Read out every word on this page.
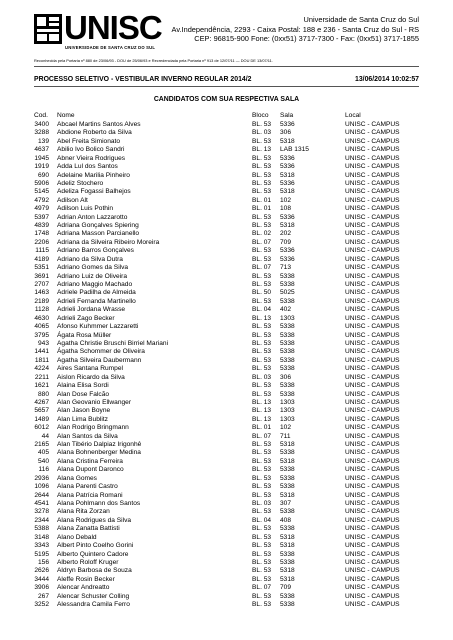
UNISC
UNIVERSIDADE DE SANTA CRUZ DO SUL
Universidade de Santa Cruz do Sul
Av.Independência, 2293 - Caixa Postal: 188 e 236 - Santa Cruz do Sul - RS
CEP: 96815-900 Fone: (0xx51) 3717-7300 - Fax: (0xx51) 3717-1855
Reconhecida pela Portaria nº 880 de 23/06/93 - DOU de 25/06/93 e Recredenciada pela Portaria nº 913 de 12/07/11 — DOU DE 13/07/11.
PROCESSO SELETIVO - VESTIBULAR INVERNO REGULAR 2014/2	13/06/2014 10:02:57
CANDIDATOS COM SUA RESPECTIVA SALA
Cod. Nome	Bloco Sala	Local
3400 Abcael Martins Santos Alves	BL. 53 5336	UNISC - CAMPUS
3288 Abdione Roberto da Silva	BL. 03 306	UNISC - CAMPUS
139 Abel Freita Simionato	BL. 53 5318	UNISC - CAMPUS
4637 Abilio Ivo Bolico Sandri	BL. 13 LAB 1315	UNISC - CAMPUS
1945 Abner Vieira Rodrigues	BL. 53 5336	UNISC - CAMPUS
1919 Adda Lul dos Santos	BL. 53 5336	UNISC - CAMPUS
690 Adelaine Marilia Pinheiro	BL. 53 5318	UNISC - CAMPUS
5906 Adeliz Stochero	BL. 53 5336	UNISC - CAMPUS
5145 Adeliza Fogassi Balhejos	BL. 53 5318	UNISC - CAMPUS
4792 Adilson Alt	BL. 01 102	UNISC - CAMPUS
4979 Adilson Luis Pothin	BL. 01 108	UNISC - CAMPUS
5397 Adrian Anton Lazzarotto	BL. 53 5336	UNISC - CAMPUS
4839 Adriana Gonçalves Spiering	BL. 53 5318	UNISC - CAMPUS
1748 Adriana Masson Parcianello	BL. 02 202	UNISC - CAMPUS
2206 Adriana da Silveira Ribeiro Moreira	BL. 07 709	UNISC - CAMPUS
1115 Adriano Barros Gonçalves	BL. 53 5336	UNISC - CAMPUS
4189 Adriano da Silva Dutra	BL. 53 5336	UNISC - CAMPUS
5351 Adriano Gomes da Silva	BL. 07 713	UNISC - CAMPUS
3691 Adriano Luiz de Oliveira	BL. 53 5338	UNISC - CAMPUS
2707 Adriano Maggio Machado	BL. 53 5338	UNISC - CAMPUS
1463 Adriele Padilha de Almeida	BL. 50 5025	UNISC - CAMPUS
2189 Adrieli Fernanda Martinello	BL. 53 5338	UNISC - CAMPUS
1128 Adrieli Jordana Wrasse	BL. 04 402	UNISC - CAMPUS
4630 Adrieli Zago Becker	BL. 13 1303	UNISC - CAMPUS
4065 Afonso Kuhmmer Lazzaretti	BL. 53 5338	UNISC - CAMPUS
3795 Ágata Rosa Müller	BL. 53 5338	UNISC - CAMPUS
943 Agatha Christie Bruschi Birriel Mariani	BL. 53 5338	UNISC - CAMPUS
1441 Ágatha Schommer de Oliveira	BL. 53 5338	UNISC - CAMPUS
1811 Agatha Silveira Daubermann	BL. 53 5338	UNISC - CAMPUS
4224 Aires Santana Rumpel	BL. 53 5338	UNISC - CAMPUS
2211 Aislon Ricardo da Silva	BL. 03 306	UNISC - CAMPUS
1621 Alaina Elisa Sordi	BL. 53 5338	UNISC - CAMPUS
880 Alan Dose Falcão	BL. 53 5338	UNISC - CAMPUS
4267 Alan Geovanio Ellwanger	BL. 13 1303	UNISC - CAMPUS
5657 Alan Jason Boyne	BL. 13 1303	UNISC - CAMPUS
1489 Alan Lima Bublitz	BL. 13 1303	UNISC - CAMPUS
6012 Alan Rodrigo Bringmann	BL. 01 102	UNISC - CAMPUS
44 Alan Santos da Silva	BL. 07 711	UNISC - CAMPUS
2165 Alan Tibério Dalpiaz Irigonhê	BL. 53 5318	UNISC - CAMPUS
405 Alana Bohnenberger Medina	BL. 53 5338	UNISC - CAMPUS
540 Alana Cristina Ferreira	BL. 53 5318	UNISC - CAMPUS
116 Alana Dupont Daronco	BL. 53 5338	UNISC - CAMPUS
2936 Alana Gomes	BL. 53 5338	UNISC - CAMPUS
1096 Alana Parenti Castro	BL. 53 5338	UNISC - CAMPUS
2644 Alana Patrícia Romani	BL. 53 5318	UNISC - CAMPUS
4541 Alana Pohlmann dos Santos	BL. 03 307	UNISC - CAMPUS
3278 Alana Rita Zorzan	BL. 53 5338	UNISC - CAMPUS
2344 Alana Rodrigues da Silva	BL. 04 408	UNISC - CAMPUS
5388 Alana Zanatta Battisti	BL. 53 5338	UNISC - CAMPUS
3148 Alano Debald	BL. 53 5318	UNISC - CAMPUS
3343 Albert Pinto Coelho Gorini	BL. 53 5318	UNISC - CAMPUS
5195 Alberto Quintero Cadore	BL. 53 5338	UNISC - CAMPUS
156 Alberto Roloff Kruger	BL. 53 5338	UNISC - CAMPUS
2626 Aldryn Barbosa de Souza	BL. 53 5318	UNISC - CAMPUS
3444 Aleffe Rosin Becker	BL. 53 5318	UNISC - CAMPUS
3906 Alencar Andreatto	BL. 07 709	UNISC - CAMPUS
267 Alencar Schuster Colling	BL. 53 5338	UNISC - CAMPUS
3252 Alessandra Camila Ferro	BL. 53 5338	UNISC - CAMPUS
